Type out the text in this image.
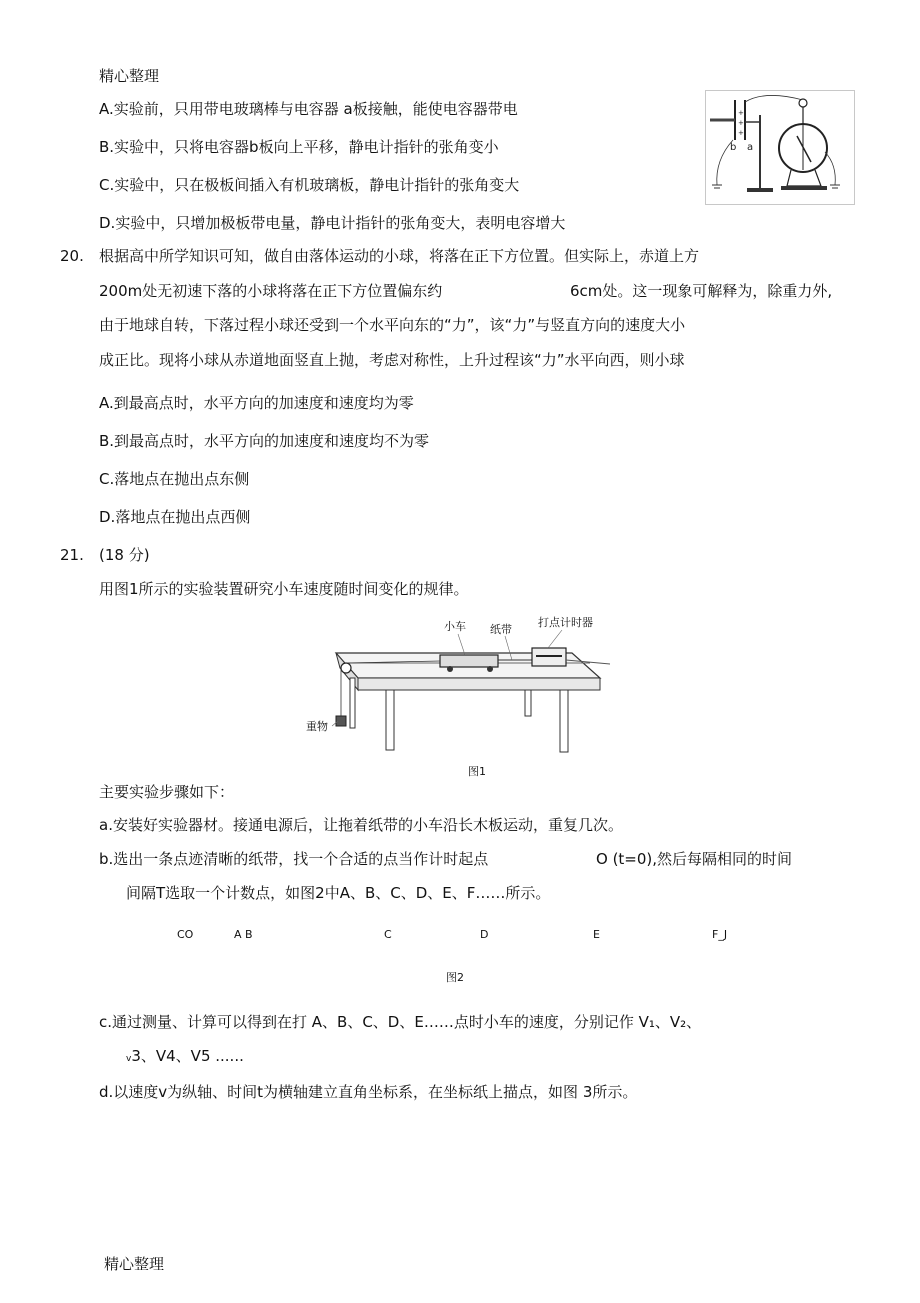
精心整理
A.实验前，只用带电玻璃棒与电容器 a板接触，能使电容器带电
B.实验中，只将电容器b板向上平移，静电计指针的张角变小
C.实验中，只在极板间插入有机玻璃板，静电计指针的张角变大
D.实验中，只增加极板带电量，静电计指针的张角变大，表明电容增大
+
+
+
b a
20. 根据高中所学知识可知，做自由落体运动的小球，将落在正下方位置。但实际上，赤道上方
200m处无初速下落的小球将落在正下方位置偏东约	6cm处。这一现象可解释为，除重力外,
由于地球自转，下落过程小球还受到一个水平向东的“力”，该“力”与竖直方向的速度大小
成正比。现将小球从赤道地面竖直上抛，考虑对称性，上升过程该“力”水平向西，则小球
A.到最高点时，水平方向的加速度和速度均为零
B.到最高点时，水平方向的加速度和速度均不为零
C.落地点在抛出点东侧
D.落地点在抛出点西侧
21. (18 分)
用图1所示的实验装置研究小车速度随时间变化的规律。
小车 纸带
打点计时器
重物
图1
主要实验步骤如下：
a.安装好实验器材。接通电源后，让拖着纸带的小车沿长木板运动，重复几次。
b.选出一条点迹清晰的纸带，找一个合适的点当作计时起点	O (t=0),然后每隔相同的时间
间隔T选取一个计数点，如图2中A、B、C、D、E、F……所示。
CO	A B	C	D	E	F_J
图2
c.通过测量、计算可以得到在打 A、B、C、D、E……点时小车的速度，分别记作 V₁、V₂、
v3、V4、V5 ......
d.以速度v为纵轴、时间t为横轴建立直角坐标系，在坐标纸上描点，如图 3所示。
精心整理
